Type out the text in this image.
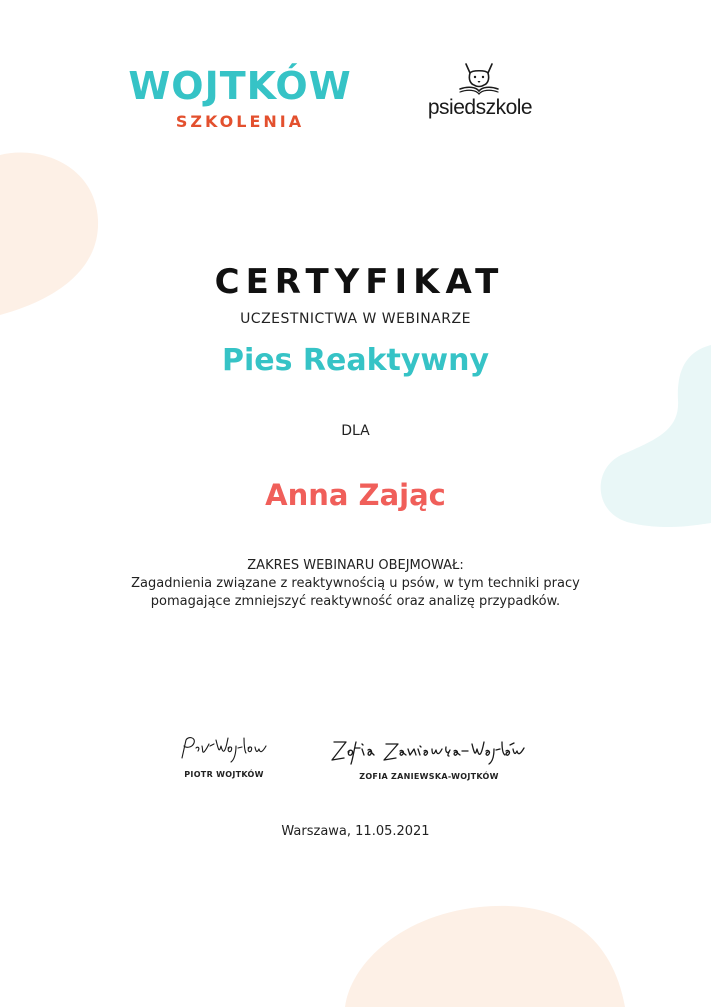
WOJTKÓW
SZKOLENIA
psiedszkole
CERTYFIKAT
UCZESTNICTWA W WEBINARZE
Pies Reaktywny
DLA
Anna Zając
ZAKRES WEBINARU OBEJMOWAŁ:
Zagadnienia związane z reaktywnością u psów, w tym techniki pracy
pomagające zmniejszyć reaktywność oraz analizę przypadków.
PIOTR WOJTKÓW	ZOFIA ZANIEWSKA-WOJTKÓW
Warszawa, 11.05.2021
